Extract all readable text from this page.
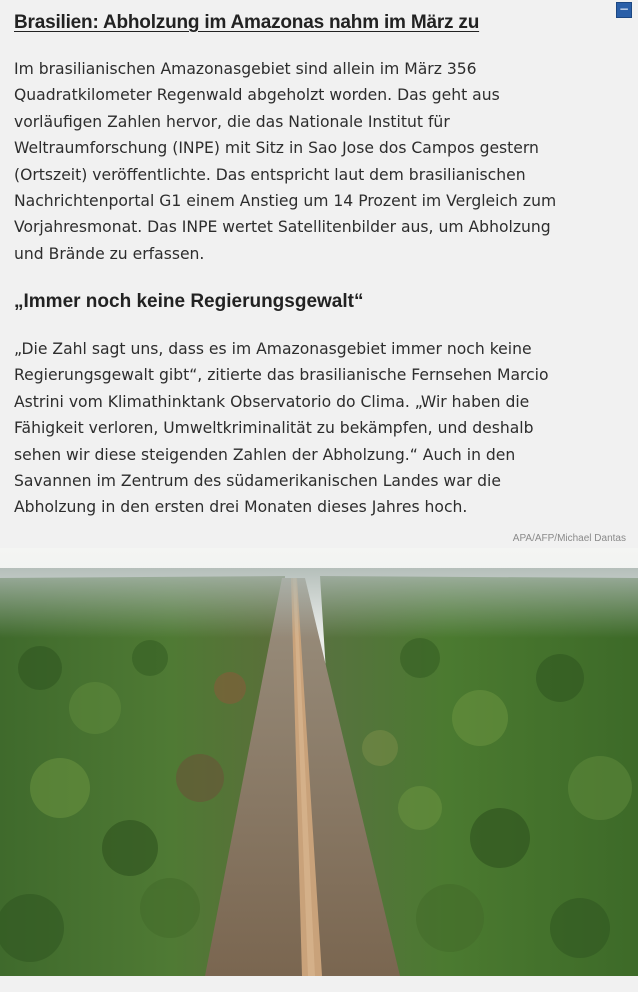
−
Brasilien: Abholzung im Amazonas nahm im März zu

Im brasilianischen Amazonasgebiet sind allein im März 356
Quadratkilometer Regenwald abgeholzt worden. Das geht aus
vorläufigen Zahlen hervor, die das Nationale Institut für
Weltraumforschung (INPE) mit Sitz in Sao Jose dos Campos gestern
(Ortszeit) veröffentlichte. Das entspricht laut dem brasilianischen
Nachrichtenportal G1 einem Anstieg um 14 Prozent im Vergleich zum
Vorjahresmonat. Das INPE wertet Satellitenbilder aus, um Abholzung
und Brände zu erfassen.

„Immer noch keine Regierungsgewalt“

„Die Zahl sagt uns, dass es im Amazonasgebiet immer noch keine
Regierungsgewalt gibt“, zitierte das brasilianische Fernsehen Marcio
Astrini vom Klimathinktank Observatorio do Clima. „Wir haben die
Fähigkeit verloren, Umweltkriminalität zu bekämpfen, und deshalb
sehen wir diese steigenden Zahlen der Abholzung.“ Auch in den
Savannen im Zentrum des südamerikanischen Landes war die
Abholzung in den ersten drei Monaten dieses Jahres hoch.

APA/AFP/Michael Dantas
